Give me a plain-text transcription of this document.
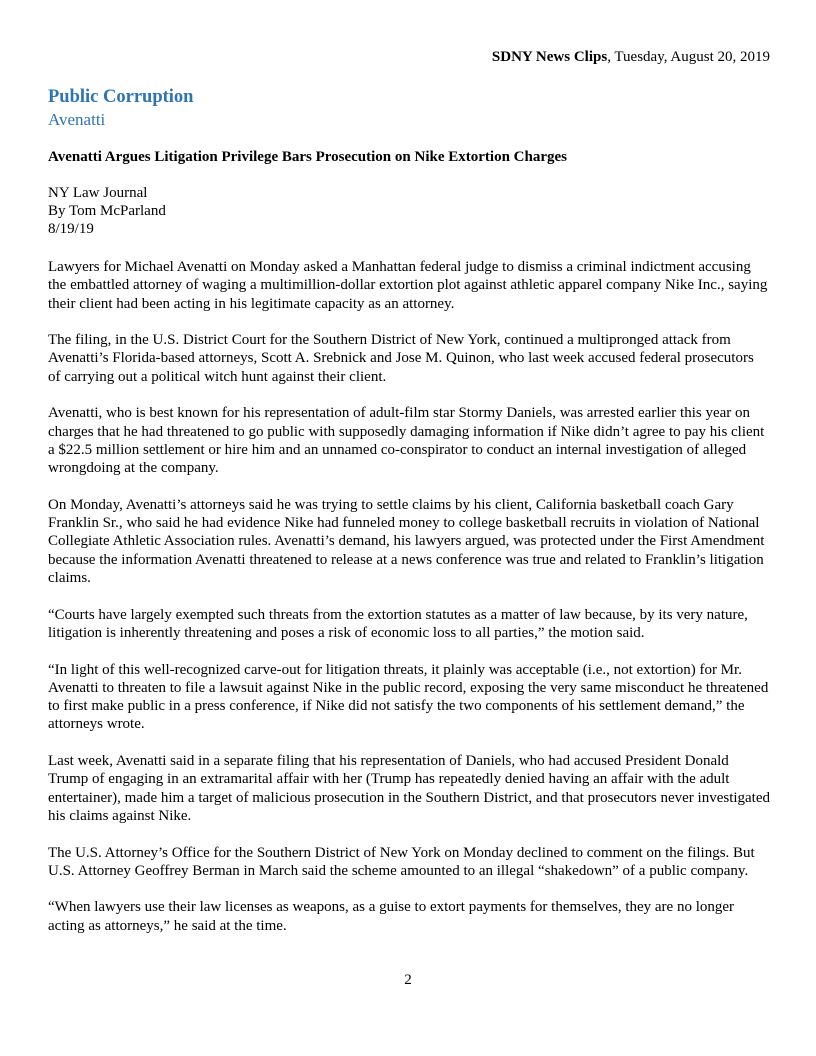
SDNY News Clips, Tuesday, August 20, 2019
Public Corruption
Avenatti
Avenatti Argues Litigation Privilege Bars Prosecution on Nike Extortion Charges
NY Law Journal
By Tom McParland
8/19/19

Lawyers for Michael Avenatti on Monday asked a Manhattan federal judge to dismiss a criminal indictment accusing the embattled attorney of waging a multimillion-dollar extortion plot against athletic apparel company Nike Inc., saying their client had been acting in his legitimate capacity as an attorney.

The filing, in the U.S. District Court for the Southern District of New York, continued a multipronged attack from Avenatti’s Florida-based attorneys, Scott A. Srebnick and Jose M. Quinon, who last week accused federal prosecutors of carrying out a political witch hunt against their client.

Avenatti, who is best known for his representation of adult-film star Stormy Daniels, was arrested earlier this year on charges that he had threatened to go public with supposedly damaging information if Nike didn’t agree to pay his client a $22.5 million settlement or hire him and an unnamed co-conspirator to conduct an internal investigation of alleged wrongdoing at the company.

On Monday, Avenatti’s attorneys said he was trying to settle claims by his client, California basketball coach Gary Franklin Sr., who said he had evidence Nike had funneled money to college basketball recruits in violation of National Collegiate Athletic Association rules. Avenatti’s demand, his lawyers argued, was protected under the First Amendment because the information Avenatti threatened to release at a news conference was true and related to Franklin’s litigation claims.

“Courts have largely exempted such threats from the extortion statutes as a matter of law because, by its very nature, litigation is inherently threatening and poses a risk of economic loss to all parties,” the motion said.

“In light of this well-recognized carve-out for litigation threats, it plainly was acceptable (i.e., not extortion) for Mr. Avenatti to threaten to file a lawsuit against Nike in the public record, exposing the very same misconduct he threatened to first make public in a press conference, if Nike did not satisfy the two components of his settlement demand,” the attorneys wrote.

Last week, Avenatti said in a separate filing that his representation of Daniels, who had accused President Donald Trump of engaging in an extramarital affair with her (Trump has repeatedly denied having an affair with the adult entertainer), made him a target of malicious prosecution in the Southern District, and that prosecutors never investigated his claims against Nike.

The U.S. Attorney’s Office for the Southern District of New York on Monday declined to comment on the filings. But U.S. Attorney Geoffrey Berman in March said the scheme amounted to an illegal “shakedown” of a public company.

“When lawyers use their law licenses as weapons, as a guise to extort payments for themselves, they are no longer acting as attorneys,” he said at the time.

2
